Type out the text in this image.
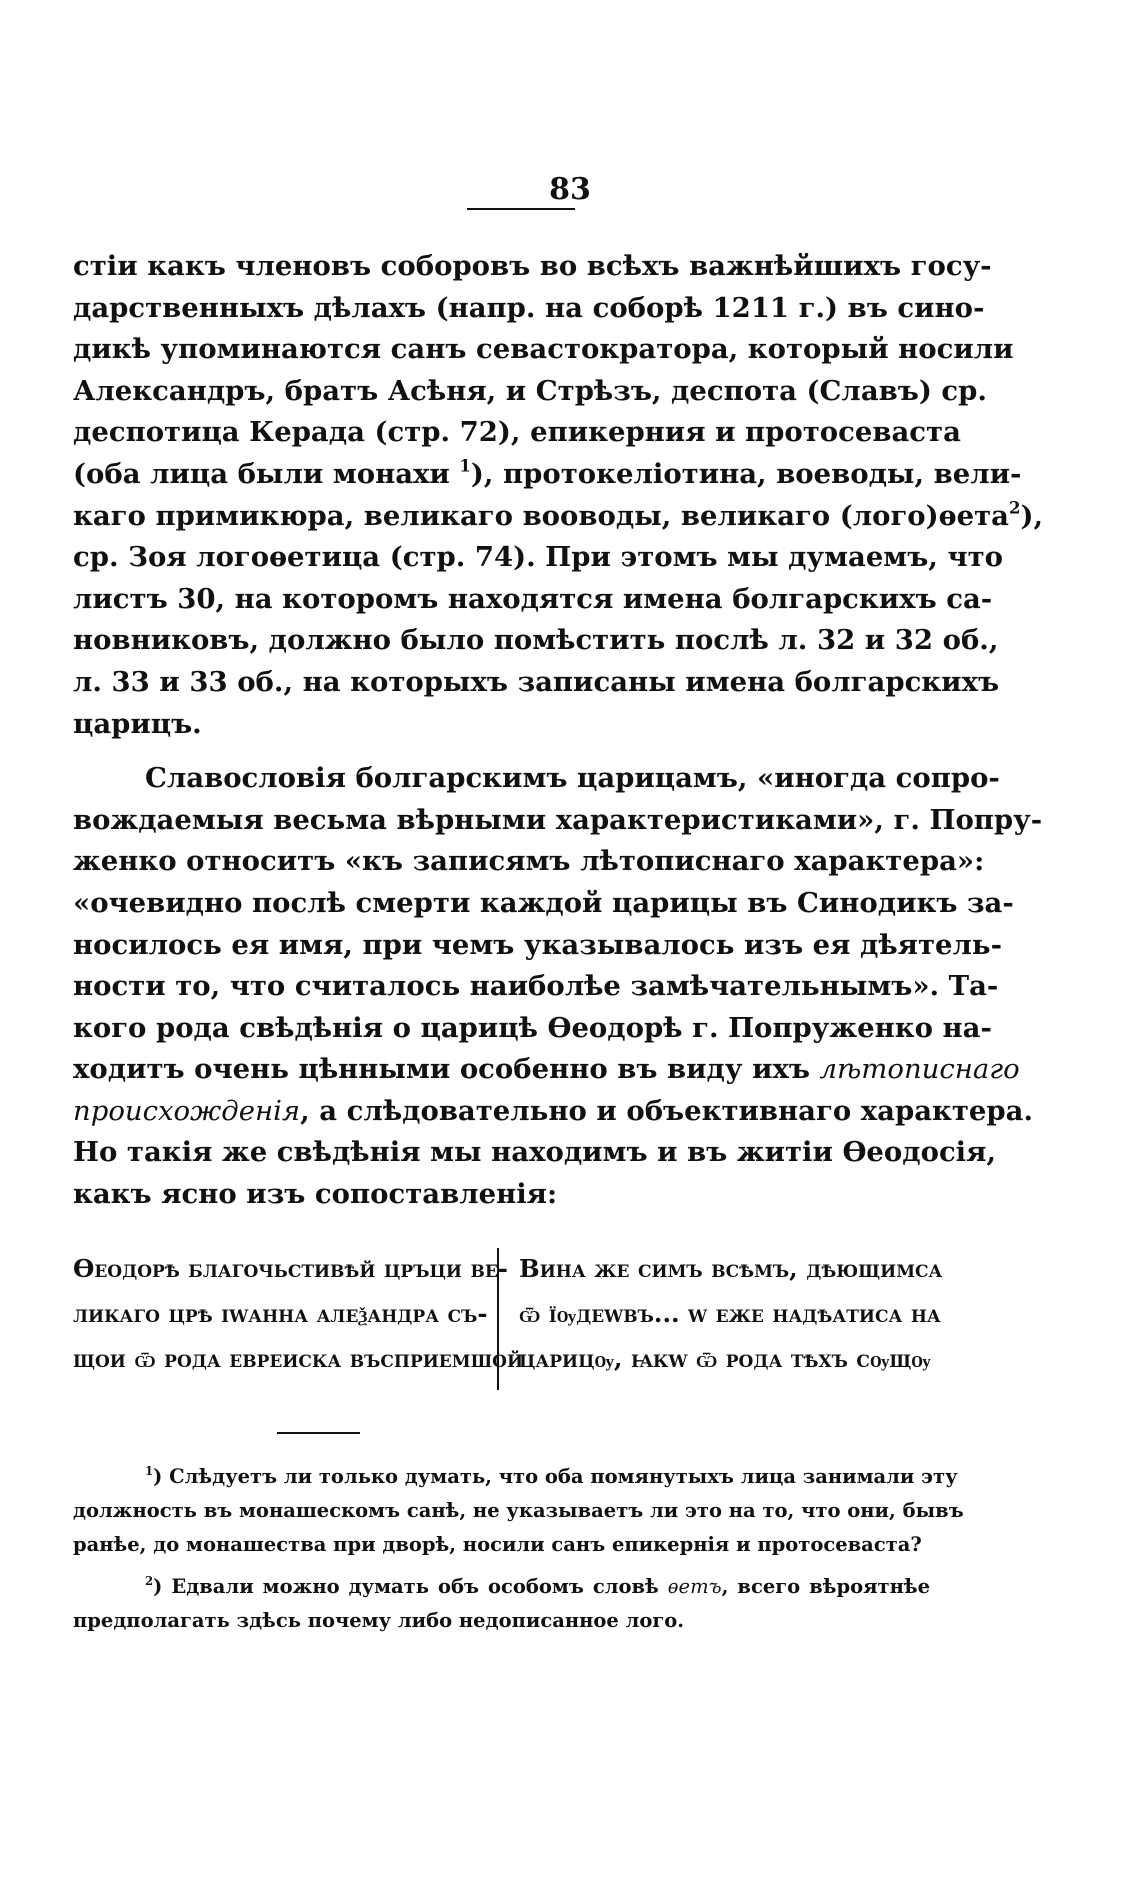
83
стіи какъ членовъ соборовъ во всѣхъ важнѣйшихъ госу-
дарственныхъ дѣлахъ (напр. на соборѣ 1211 г.) въ сино-
дикѣ упоминаются санъ севастократора, который носили
Александръ, братъ Асѣня, и Стрѣзъ, деспота (Славъ) ср.
деспотица Керада (стр. 72), епикерния и протосеваста
(оба лица были монахи $^1$), протокеліотина, воеводы, вели-
каго примикюра, великаго вооводы, великаго (лого)ѳета$^2$),
ср. Зоя логоѳетица (стр. 74). При этомъ мы думаемъ, что
листъ 30, на которомъ находятся имена болгарскихъ са-
новниковъ, должно было помѣстить послѣ л. 32 и 32 об.,
л. 33 и 33 об., на которыхъ записаны имена болгарскихъ
царицъ.
Славословія болгарскимъ царицамъ, «иногда сопро-
вождаемыя весьма вѣрными характеристиками», г. Попру-
женко относитъ «къ записямъ лѣтописнаго характера»:
«очевидно послѣ смерти каждой царицы въ Синодикъ за-
носилось ея имя, при чемъ указывалось изъ ея дѣятель-
ности то, что считалось наиболѣе замѣчательнымъ». Та-
кого рода свѣдѣнія о царицѣ Ѳеодорѣ г. Попруженко на-
ходитъ очень цѣнными особенно въ виду ихъ лѣтописнаго
происхожденія, а слѣдовательно и объективнаго характера.
Но такія же свѣдѣнія мы находимъ и въ житіи Ѳеодосія,
какъ ясно изъ сопоставленія:
Ѳеодорѣ благочьстивѣй цръци ве-
ликаго црѣ іwанна алеѯандра съ-
щои ѿ рода евреиска въсприемшой
Вина же симъ всѣмъ, дѣющимса
ѿ їѹдеwвъ... w еже надѣатиса на
царицѹ, ꙗкw ѿ рода тѣхъ сѹщѹ
$^1$) Слѣдуетъ ли только думать, что оба помянутыхъ лица занимали эту
должность въ монашескомъ санѣ, не указываетъ ли это на то, что они, бывъ
ранѣе, до монашества при дворѣ, носили санъ епикернія и протосеваста?
$^2$) Едвали можно думать объ особомъ словѣ ѳетъ, всего вѣроятнѣе
предполагать здѣсь почему либо недописанное лого.
